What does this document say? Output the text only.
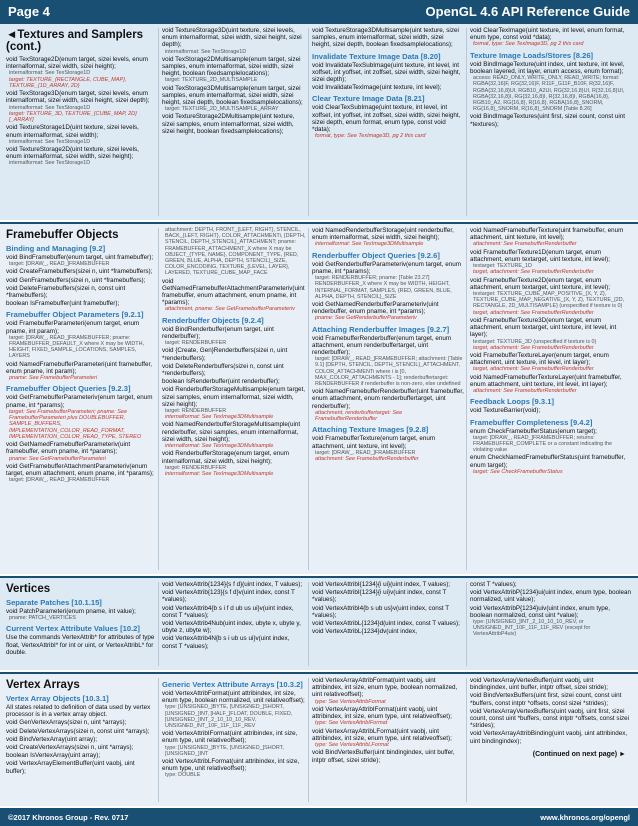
Page 4	OpenGL 4.6 API Reference Guide
◄Textures and Samplers (cont.)
void TexStorage2D(enum target, sizei levels, enum internalformat, sizei width, sizei height);
internalformat: See TexStorage1D
target: TEXTURE_{RECTANGLE, CUBE_MAP}, TEXTURE_{1D_ARRAY, 2D}
void TexStorage3D(enum target, sizei levels, enum internalformat, sizei width, sizei height, sizei depth);
internalformat: See TexStorage1D
target: TEXTURE_3D, TEXTURE_{CUBE_MAP, 2D}[_ARRAY]
void TextureStorage1D(uint texture, sizei levels, enum internalformat, sizei width);
internalformat: See TexStorage1D
void TextureStorage2D(uint texture, sizei levels, enum internalformat, sizei width, sizei height);
internalformat: See TexStorage1D
void TextureStorage3D(uint texture, sizei levels, enum internalformat, sizei width, sizei height, sizei depth);
internalformat: See TexStorage1D
void TexStorage2DMultisample(enum target, sizei samples, enum internalformat, sizei width, sizei height, boolean fixedsamplelocations);
target: TEXTURE_2D_MULTISAMPLE
void TexStorage3DMultisample(enum target, sizei samples, enum internalformat, sizei width, sizei height, sizei depth, boolean fixedsamplelocations);
target: TEXTURE_2D_MULTISAMPLE_ARRAY
void TextureStorage2DMultisample(uint texture, sizei samples, enum internalformat, sizei width, sizei height, boolean fixedsamplelocations);
void TextureStorage3DMultisample(uint texture, sizei samples, enum internalformat, sizei width, sizei height, sizei depth, boolean fixedsamplelocations);
Invalidate Texture Image Data [8.20]
void InvalidateTexSubImage(uint texture, int level, int xoffset, int yoffset, int zoffset, sizei width, sizei height, sizei depth);
void InvalidateTexImage(uint texture, int level);
Clear Texture Image Data [8.21]
void ClearTexSubImage(uint texture, int level, int xoffset, int yoffset, int zoffset, sizei width, sizei height, sizei depth, enum format, enum type, const void *data);
format, type: See TexImage3D, pg 2 this card
void ClearTexImage(uint texture, int level, enum format, enum type, const void *data);
format, type: See TexImage3D, pg 2 this card
Texture Image Loads/Stores [8.26]
void BindImageTexture(uint index, uint texture, int level, boolean layered, int layer, enum access, enum format);
access: READ_ONLY, WRITE_ONLY, READ_WRITE; format: RGBA{32,16}F, RG{32,16}F, R11F_G11F_B10F, R{32,16}F, RGBA{32,16,8}UI, RGB10_A2UI, RG{32,16,8}UI, R{32,16,8}UI, RGBA{32,16,8}I, RG{32,16,8}I, R{32,16,8}I, RGBA{16,8}, RGB10_A2, RG{16,8}, R{16,8}, RGBA{16,8}_SNORM, RG{16,8}_SNORM, R{16,8}_SNORM [Table 8.26]
void BindImageTextures(uint first, sizei count, const uint *textures);
Framebuffer Objects
Binding and Managing [9.2]
void BindFramebuffer(enum target, uint framebuffer);
target: [DRAW_, READ_]FRAMEBUFFER
void CreateFramebuffers(sizei n, uint *framebuffers);
void GenFramebuffers(sizei n, uint *framebuffers);
void DeleteFramebuffers(sizei n, const uint *framebuffers);
boolean IsFramebuffer(uint framebuffer);
Framebuffer Object Parameters [9.2.1]
void FramebufferParameteri(enum target, enum pname, int param);
target: [DRAW_, READ_]FRAMEBUFFER; pname: FRAMEBUFFER_DEFAULT_X where X may be WIDTH, HEIGHT, FIXED_SAMPLE_LOCATIONS, SAMPLES, LAYERS
void NamedFramebufferParameteri(uint framebuffer, enum pname, int param);
pname: See FramebufferParameteri
Framebuffer Object Queries [9.2.3]
void GetFramebufferParameteriv(enum target, enum pname, int *params);
target: See FramebufferParameteri; pname: See FramebufferParameteri plus DOUBLEBUFFER, SAMPLE_BUFFERS, IMPLEMENTATION_COLOR_READ_FORMAT, IMPLEMENTATION_COLOR_READ_TYPE, STEREO
void GetNamedFramebufferParameteriv(uint framebuffer, enum pname, int *params);
pname: See GetFramebufferParameteri
void GetFramebufferAttachmentParameteriv(enum target, enum attachment, enum pname, int *params);
target: [DRAW_, READ_]FRAMEBUFFER
attachment: DEPTH, FRONT_{LEFT, RIGHT}, STENCIL, BACK_{LEFT, RIGHT}, COLOR_ATTACHMENTi, {DEPTH, STENCIL, DEPTH_STENCIL}_ATTACHMENT; pname: FRAMEBUFFER_ATTACHMENT_X where X may be OBJECT_{TYPE, NAME}, COMPONENT_TYPE, {RED, GREEN, BLUE, ALPHA, DEPTH, STENCIL}_SIZE, COLOR_ENCODING, TEXTURE_{LEVEL, LAYER}, LAYERED, TEXTURE_CUBE_MAP_FACE
void GetNamedFramebufferAttachmentParameteriv(uint framebuffer, enum attachment, enum pname, int *params);
attachment, pname: See GetFramebufferParameteriv
Renderbuffer Objects [9.2.4]
void BindRenderbuffer(enum target, uint renderbuffer);
target: RENDERBUFFER
void {Create, Gen}Renderbuffers(sizei n, uint *renderbuffers);
void DeleteRenderbuffers(sizei n, const uint *renderbuffers);
boolean IsRenderbuffer(uint renderbuffer);
void RenderbufferStorageMultisample(enum target, sizei samples, enum internalformat, sizei width, sizei height);
target: RENDERBUFFER
internalformat: See TexImage3DMultisample
void NamedRenderbufferStorageMultisample(uint renderbuffer, sizei samples, enum internalformat, sizei width, sizei height);
internalformat: See TexImage3DMultisample
void RenderbufferStorage(enum target, enum internalformat, sizei width, sizei height);
target: RENDERBUFFER
internalformat: See TexImage3DMultisample
void NamedRenderbufferStorage(uint renderbuffer, enum internalformat, sizei width, sizei height);
internalformat: See TexImage3DMultisample
Renderbuffer Object Queries [9.2.6]
void GetRenderbufferParameteriv(enum target, enum pname, int *params);
target: RENDERBUFFER; pname: [Table 23.27] RENDERBUFFER_X where X may be WIDTH, HEIGHT, INTERNAL_FORMAT, SAMPLES, {RED, GREEN, BLUE, ALPHA, DEPTH, STENCIL}_SIZE
void GetNamedRenderbufferParameteriv(uint renderbuffer, enum pname, int *params);
pname: See GetRenderbufferParameteriv
Attaching Renderbuffer Images [9.2.7]
void FramebufferRenderbuffer(enum target, enum attachment, enum renderbuffertarget, uint renderbuffer);
target: [DRAW_, READ_]FRAMEBUFFER; attachment: [Table 9.1] {DEPTH, STENCIL, DEPTH_STENCIL}_ATTACHMENT, COLOR_ATTACHMENTi where i is [0, MAX_COLOR_ATTACHMENTS - 1]; renderbuffertarget: RENDERBUFFER if renderbuffer is non-zero, else undefined
void NamedFramebufferRenderbuffer(uint framebuffer, enum attachment, enum renderbuffertarget, uint renderbuffer);
attachment, renderbuffertarget: See FramebufferRenderbuffer
Attaching Texture Images [9.2.8]
void FramebufferTexture(enum target, enum attachment, uint texture, int level);
target: [DRAW_, READ_]FRAMEBUFFER
attachment: See FramebufferRenderbuffer
void NamedFramebufferTexture(uint framebuffer, enum attachment, uint texture, int level);
attachment: See FramebufferRenderbuffer
void FramebufferTexture1D(enum target, enum attachment, enum textarget, uint texture, int level);
textarget: TEXTURE_1D
target, attachment: See FramebufferRenderbuffer
void FramebufferTexture2D(enum target, enum attachment, enum textarget, uint texture, int level);
textarget: TEXTURE_CUBE_MAP_POSITIVE_{X, Y, Z}, TEXTURE_CUBE_MAP_NEGATIVE_{X, Y, Z}, TEXTURE_{2D, RECTANGLE, 2D_MULTISAMPLE} (unspecified if texture is 0)
target, attachment: See FramebufferRenderbuffer
void FramebufferTexture3D(enum target, enum attachment, enum textarget, uint texture, int level, int layer);
textarget: TEXTURE_3D (unspecified if texture is 0)
target, attachment: See FramebufferRenderbuffer
void FramebufferTextureLayer(enum target, enum attachment, uint texture, int level, int layer);
target, attachment: See FramebufferRenderbuffer
void NamedFramebufferTextureLayer(uint framebuffer, enum attachment, uint texture, int level, int layer);
attachment: See FramebufferRenderbuffer
Feedback Loops [9.3.1]
void TextureBarrier(void);
Framebuffer Completeness [9.4.2]
enum CheckFramebufferStatus(enum target);
target: [DRAW_, READ_]FRAMEBUFFER; returns: FRAMEBUFFER_COMPLETE or a constant indicating the violating value
enum CheckNamedFramebufferStatus(uint framebuffer, enum target);
target: See CheckFramebufferStatus
Vertices
Separate Patches [10.1.15]
void PatchParameteri(enum pname, int value);
pname: PATCH_VERTICES
Current Vertex Attribute Values [10.2]
Use the commands VertexAttrib* for attributes of type float, VertexAttribI* for int or uint, or VertexAttribL* for double.
void VertexAttrib{1234}{s f d}(uint index, T values);
void VertexAttrib{123}{s f d}v(uint index, const T *values);
void VertexAttrib4{b s i f d ub us ui}v(uint index, const T *values);
void VertexAttrib4Nub(uint index, ubyte x, ubyte y, ubyte z, ubyte w);
void VertexAttrib4N{b s i ub us ui}v(uint index, const T *values);
void VertexAttribI{1234}{i ui}(uint index, T values);
void VertexAttribI{1234}{i ui}v(uint index, const T *values);
void VertexAttribI4{b s ub us}v(uint index, const T *values);
void VertexAttribL{1234}d(uint index, const T values);
void VertexAttribL{1234}dv(uint index,
const T *values);
void VertexAttribP{1234}ui(uint index, enum type, boolean normalized, uint value);
void VertexAttribP{1234}uiv(uint index, enum type, boolean normalized, const uint *value);
type: [UNSIGNED_]INT_2_10_10_10_REV, or UNSIGNED_INT_10F_11F_11F_REV (except for VertexAttribP4uiv)
Vertex Arrays
Vertex Array Objects [10.3.1]
All states related to definition of data used by vertex processor is in a vertex array object.
void GenVertexArrays(sizei n, uint *arrays);
void DeleteVertexArrays(sizei n, const uint *arrays);
void BindVertexArray(uint array);
void CreateVertexArrays(sizei n, uint *arrays);
boolean IsVertexArray(uint array);
void VertexArrayElementBuffer(uint vaobj, uint buffer);
Generic Vertex Attribute Arrays [10.3.2]
void VertexAttribFormat(uint attribindex, int size, enum type, boolean normalized, unit relativeoffset);
type: [UNSIGNED_]BYTE, [UNSIGNED_]SHORT, [UNSIGNED_]INT, [HALF_]FLOAT, DOUBLE, FIXED, [UNSIGNED_]INT_2_10_10_10_REV, UNSIGNED_INT_10F_11F_11F_REV
void VertexAttribIFormat(uint attribindex, int size, enum type, unit relativeoffset);
type: [UNSIGNED_]BYTE, [UNSIGNED_]SHORT, [UNSIGNED_]INT
void VertexAttribLFormat(uint attribindex, int size, enum type, unit relativeoffset);
type: DOUBLE
void VertexArrayAttribFormat(uint vaobj, uint attribindex, int size, enum type, boolean normalized, uint relativeoffset);
type: See VertexAttribFormat
void VertexArrayAttribIFormat(uint vaobj, uint attribindex, int size, enum type, uint relativeoffset);
type: See VertexAttribIFormat
void VertexArrayAttribLFormat(uint vaobj, uint attribindex, int size, enum type, uint relativeoffset);
type: See VertexAttribLFormat
void BindVertexBuffer(uint bindingindex, uint buffer, intptr offset, sizei stride);
void VertexArrayVertexBuffer(uint vaobj, uint bindingindex, uint buffer, intptr offset, sizei stride);
void BindVertexBuffers(uint first, sizei count, const uint *buffers, const intptr *offsets, const sizei *strides);
void VertexArrayVertexBuffers(uint vaobj, uint first, sizei count, const uint *buffers, const intptr *offsets, const sizei *strides);
void VertexArrayAttribBinding(uint vaobj, uint attribindex, uint bindingindex);
(Continued on next page) ►
©2017 Khronos Group - Rev. 0717	www.khronos.org/opengl
